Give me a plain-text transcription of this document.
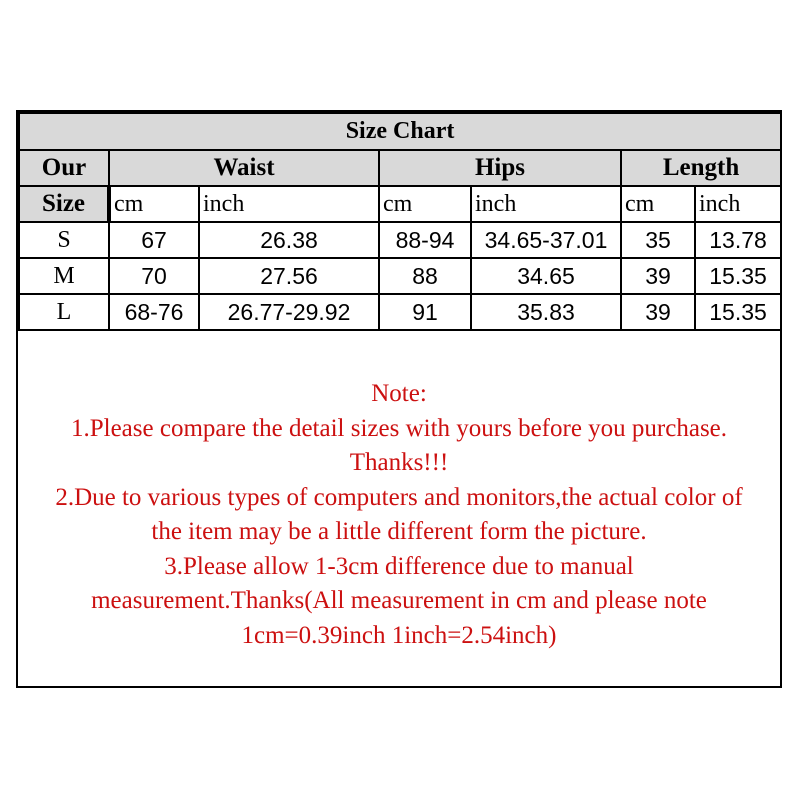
Size Chart						
Our	Waist		Hips		Length	
Size	cm	inch	cm	inch	cm	inch
S	67	26.38	88-94	34.65-37.01	35	13.78
M	70	27.56	88	34.65	39	15.35
L	68-76	26.77-29.92	91	35.83	39	15.35
Note:
1.Please compare the detail sizes with yours before you purchase.
Thanks!!!
2.Due to various types of computers and monitors,the actual color of
the item may be a little different form the picture.
3.Please allow 1-3cm difference due to manual
measurement.Thanks(All measurement in cm and please note
1cm=0.39inch 1inch=2.54inch)
